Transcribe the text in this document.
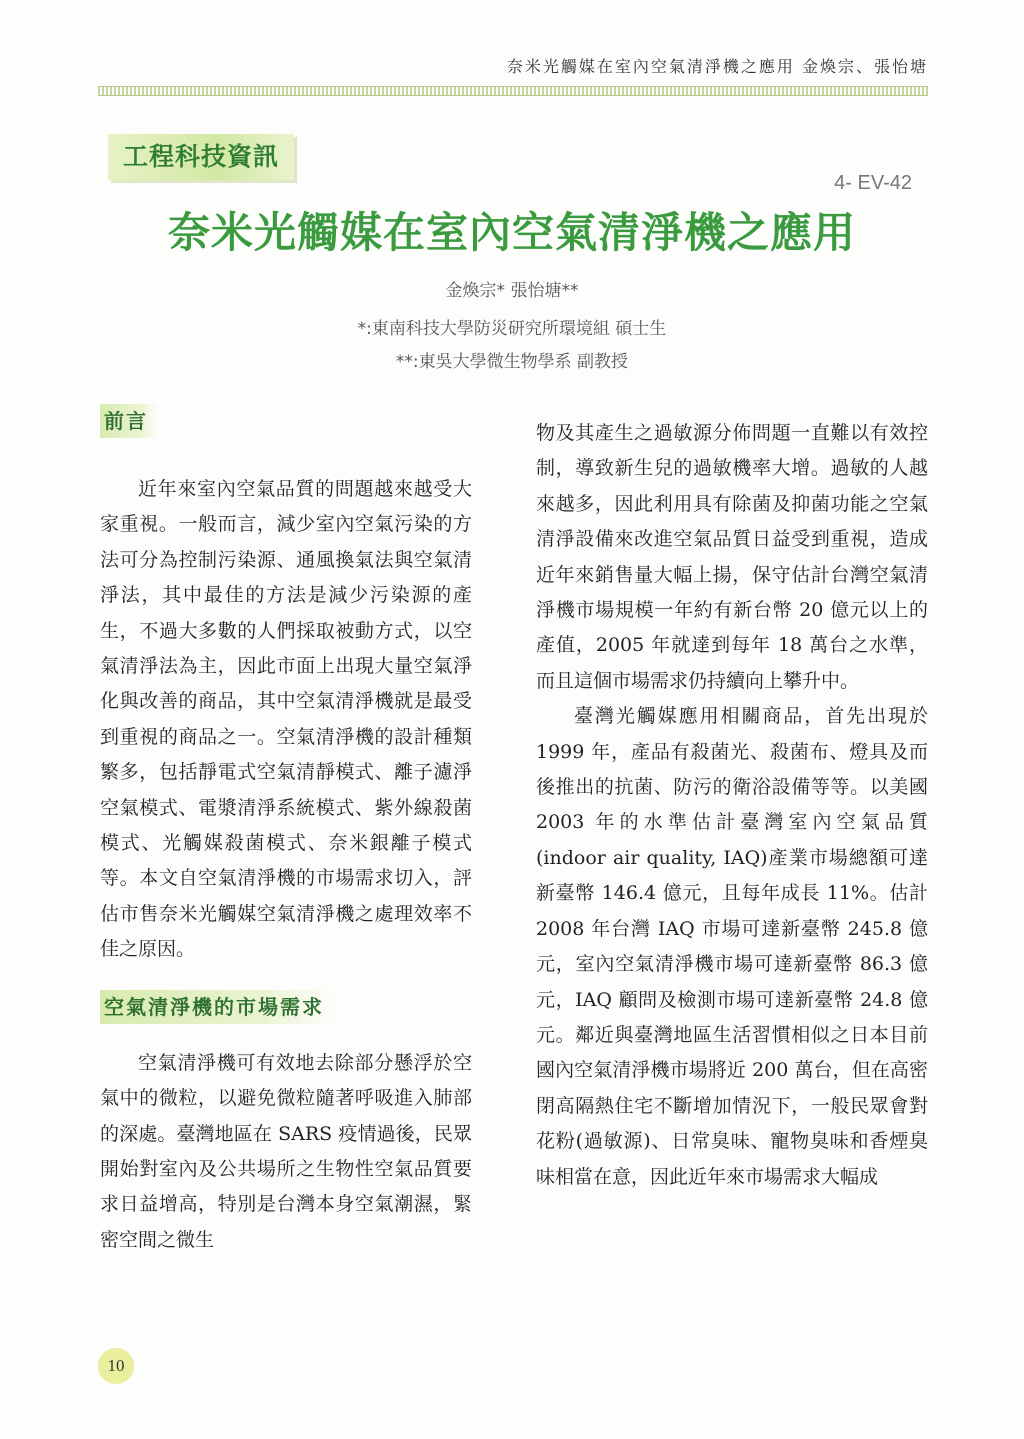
奈米光觸媒在室內空氣清淨機之應用 金煥宗、張怡塘
工程科技資訊
4- EV-42
奈米光觸媒在室內空氣清淨機之應用
金煥宗* 張怡塘**
*:東南科技大學防災研究所環境組 碩士生
**:東吳大學微生物學系 副教授
前言

近年來室內空氣品質的問題越來越受大家重視。一般而言，減少室內空氣污染的方法可分為控制污染源、通風換氣法與空氣清淨法，其中最佳的方法是減少污染源的產生，不過大多數的人們採取被動方式，以空氣清淨法為主，因此市面上出現大量空氣淨化與改善的商品，其中空氣清淨機就是最受到重視的商品之一。空氣清淨機的設計種類繁多，包括靜電式空氣清靜模式、離子濾淨空氣模式、電漿清淨系統模式、紫外線殺菌模式、光觸媒殺菌模式、奈米銀離子模式等。本文自空氣清淨機的市場需求切入，評估市售奈米光觸媒空氣清淨機之處理效率不佳之原因。

空氣清淨機的市場需求

空氣清淨機可有效地去除部分懸浮於空氣中的微粒，以避免微粒隨著呼吸進入肺部的深處。臺灣地區在 SARS 疫情過後，民眾開始對室內及公共場所之生物性空氣品質要求日益增高，特別是台灣本身空氣潮濕，緊密空間之微生

物及其產生之過敏源分佈問題一直難以有效控制，導致新生兒的過敏機率大增。過敏的人越來越多，因此利用具有除菌及抑菌功能之空氣清淨設備來改進空氣品質日益受到重視，造成近年來銷售量大幅上揚，保守估計台灣空氣清淨機市場規模一年約有新台幣 20 億元以上的產值，2005 年就達到每年 18 萬台之水準，而且這個市場需求仍持續向上攀升中。

臺灣光觸媒應用相關商品，首先出現於 1999 年，產品有殺菌光、殺菌布、燈具及而後推出的抗菌、防污的衛浴設備等等。以美國 2003 年的水準估計臺灣室內空氣品質 (indoor air quality, IAQ)產業市場總額可達新臺幣 146.4 億元，且每年成長 11%。估計 2008 年台灣 IAQ 市場可達新臺幣 245.8 億元，室內空氣清淨機市場可達新臺幣 86.3 億元，IAQ 顧問及檢測市場可達新臺幣 24.8 億元。鄰近與臺灣地區生活習慣相似之日本目前國內空氣清淨機市場將近 200 萬台，但在高密閉高隔熱住宅不斷增加情況下，一般民眾會對花粉(過敏源)、日常臭味、寵物臭味和香煙臭味相當在意，因此近年來市場需求大幅成

10
